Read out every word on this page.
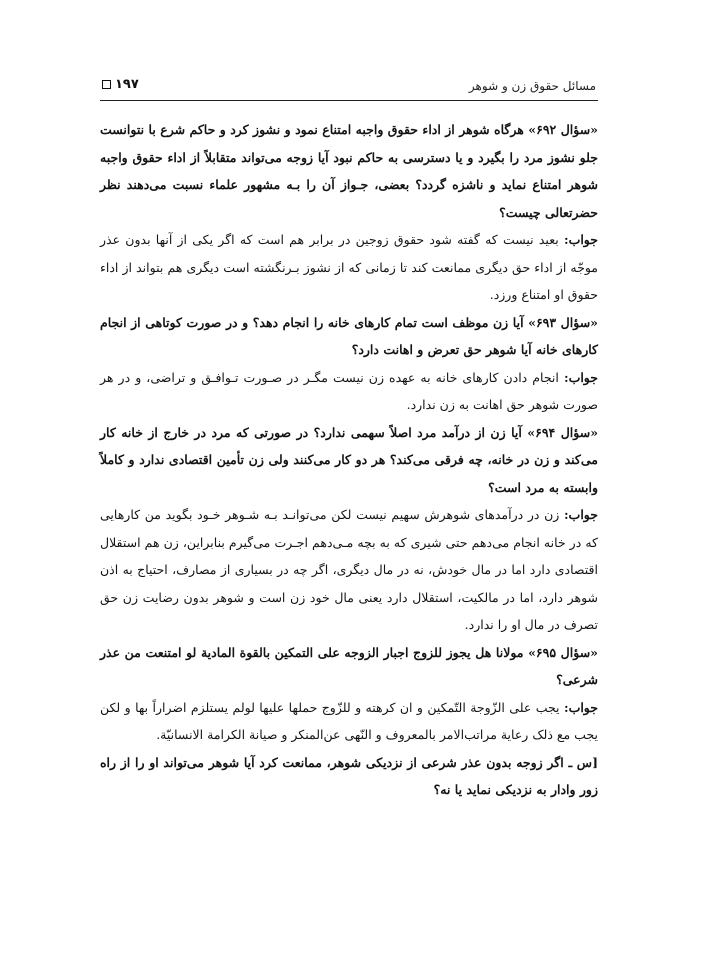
مسائل حقوق زن و شوهر
۱۹۷

«سؤال ۶۹۲» هرگاه شوهر از اداء حقوق واجبه امتناع نمود و نشوز کرد و حاکم شرع با نتوانست جلو نشوز مرد را بگیرد و یا دسترسی به حاکم نبود آیا زوجه می‌تواند متقابلاً از اداء حقوق واجبه شوهر امتناع نماید و ناشزه گردد؟ بعضی، جـواز آن را بـه مشهور علماء نسبت می‌دهند نظر حضرتعالی چیست؟

جواب: بعید نیست که گفته شود حقوق زوجین در برابر هم است که اگر یکی از آنها بدون عذر موجّه از اداء حق دیگری ممانعت کند تا زمانی که از نشوز بـرنگشته است دیگری هم بتواند از اداء حقوق او امتناع ورزد.

«سؤال ۶۹۳» آیا زن موظف است تمام کارهای خانه را انجام دهد؟ و در صورت کوتاهی از انجام کارهای خانه آیا شوهر حق تعرض و اهانت دارد؟

جواب: انجام دادن کارهای خانه به عهده زن نیست مگـر در صـورت تـوافـق و تراضی، و در هر صورت شوهر حق اهانت به زن ندارد.

«سؤال ۶۹۴» آیا زن از درآمد مرد اصلاً سهمی ندارد؟ در صورتی که مرد در خارج از خانه کار می‌کند و زن در خانه، چه فرقی می‌کند؟ هر دو کار می‌کنند ولی زن تأمین اقتصادی ندارد و کاملاً وابسته به مرد است؟

جواب: زن در درآمدهای شوهرش سهیم نیست لکن می‌توانـد بـه شـوهر خـود بگوید من کارهایی که در خانه انجام می‌دهم حتی شیری که به بچه مـی‌دهم اجـرت می‌گیرم بنابراین، زن هم استقلال اقتصادی دارد اما در مال خودش، نه در مال دیگری، اگر چه در بسیاری از مصارف، احتیاج به اذن شوهر دارد، اما در مالکیت، استقلال دارد یعنی مال خود زن است و شوهر بدون رضایت زن حق تصرف در مال او را ندارد.

«سؤال ۶۹۵» مولانا هل یجوز للزوج اجبار الزوجه علی التمکین بالقوة المادیة لو امتنعت من عذر شرعی؟

جواب: یجب علی الزّوجة التّمکین و ان کرهته و للزّوج حملها علیها لولم یستلزم اضراراً بها و لکن یجب مع ذلک رعایة مراتب‌الامر بالمعروف و النّهی عن‌المنکر و صیانة الکرامة الانسانیّة.

[س ـ اگر زوجه بدون عذر شرعی از نزدیکی شوهر، ممانعت کرد آیا شوهر می‌تواند او را از راه زور وادار به نزدیکی نماید یا نه؟
